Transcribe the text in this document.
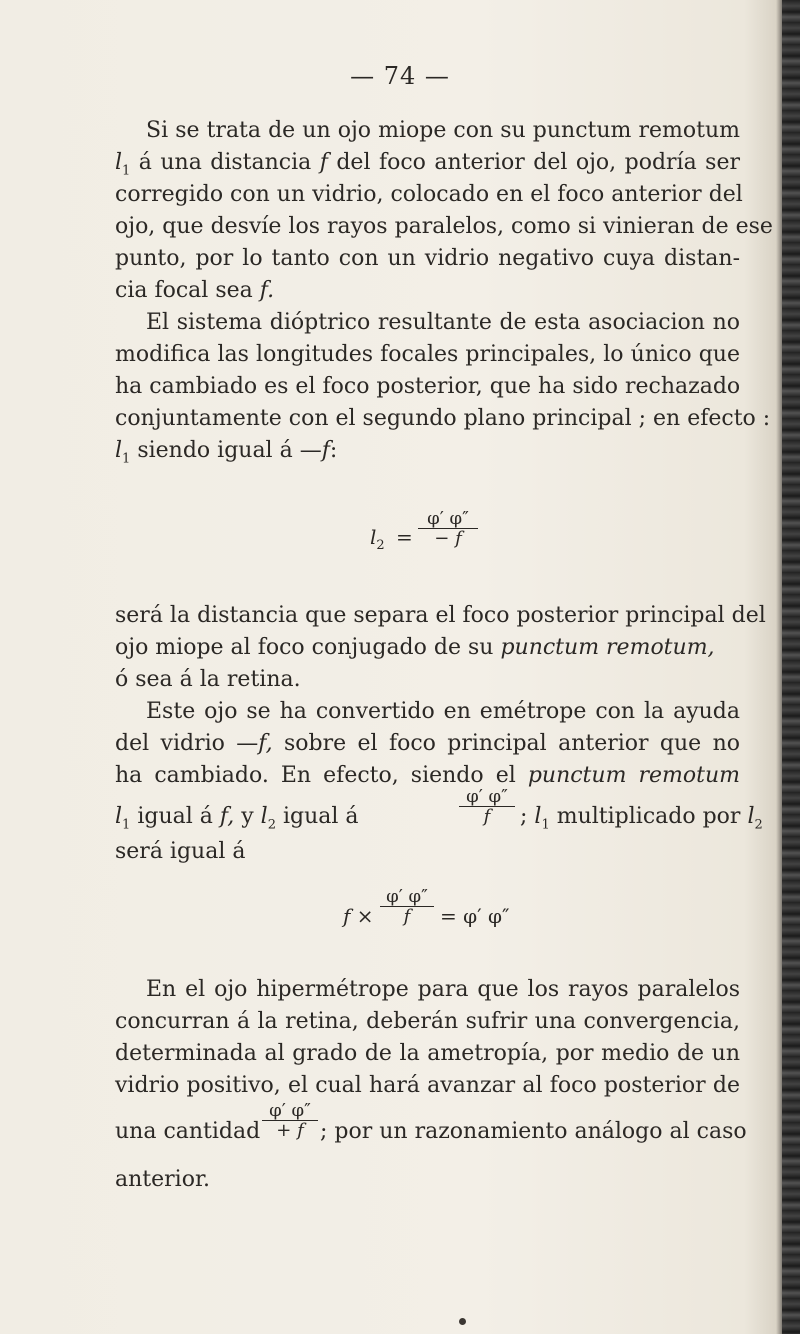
— 74 —
Si se trata de un ojo miope con su punctum remotum
$l_1$ á una distancia f del foco anterior del ojo, podría ser
corregido con un vidrio, colocado en el foco anterior del
ojo, que desvíe los rayos paralelos, como si vinieran de ese
punto, por lo tanto con un vidrio negativo cuya distan-
cia focal sea f.
El sistema dióptrico resultante de esta asociacion no
modifica las longitudes focales principales, lo único que
ha cambiado es el foco posterior, que ha sido rechazado
conjuntamente con el segundo plano principal ; en efecto :
$l_1$ siendo igual á —f:
$l_2 = \frac{\varphi' \varphi''}{- f}$
será la distancia que separa el foco posterior principal del
ojo miope al foco conjugado de su punctum remotum,
ó sea á la retina.
Este ojo se ha convertido en emétrope con la ayuda
del vidrio —f, sobre el foco principal anterior que no
ha cambiado. En efecto, siendo el punctum remotum
$l_1$ igual á f, y $l_2$ igual á	$\frac{\varphi' \varphi''}{f}$ ; $l_1$ multiplicado por $l_2$
será igual á
$f \times \frac{\varphi' \varphi''}{f} = \varphi'$ φ″
En el ojo hipermétrope para que los rayos paralelos
concurran á la retina, deberán sufrir una convergencia,
determinada al grado de la ametropía, por medio de un
vidrio positivo, el cual hará avanzar al foco posterior de
una cantidad $\frac{\varphi' \varphi''}{+ f}$ ; por un razonamiento análogo al caso
anterior.
